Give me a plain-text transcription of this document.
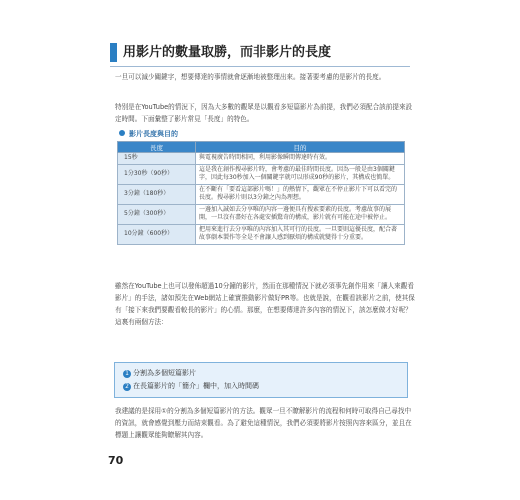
用影片的數量取勝，而非影片的長度
一旦可以減少關鍵字，想要傳達的事情就會逐漸地被整理出來。接著要考慮的是影片的長度。
特別是在YouTube的情況下，因為大多數的觀眾是以觀看多短篇影片為前提，我們必須配合該前提來設定時間。下面彙整了影片常見「長度」的特色。
影片長度與目的
長度	目的
15秒	與電視廣告時間相同，利用影像瞬間傳達時有效。
1分30秒（90秒）	這是我在創作搜尋影片時，會考慮的最佳時間長度。因為一般是由3個關鍵字，因此每30秒加入一個關鍵字就可以形成90秒的影片，其構成也簡單。
3分鐘（180秒）	在不斷有「要看這部影片嗎！」的熱情下，觀眾在不停止影片下可以看完的長度。搜尋影片則以3分鐘之內為理想。
5分鐘（300秒）	一邊加入誠如去分享唯的內容一邊便具有搜索要素的長度。考慮故事的展開，一旦沒有盡好在各處安插驚奇的構成，影片就有可能在途中被停止。
10分鐘（600秒）	把用來進行去分享唯的內容加入其可行的長度。一旦要則這優長度，配合著故事劇本製作等全是不會讓人感到厭煩的構成就變得十分重要。
雖然在YouTube上也可以發佈超過10分鐘的影片，然而在那種情況下就必須事先創作用來「讓人來觀看影片」的手法，諸如預先在Web網站上確實推動影片做好PR等。也就是說，在觀看該影片之前，使其保有「接下來我們要觀看較長的影片」的心情。那麼，在想要傳達許多內容的情況下，該怎麼做才好呢？這裏有兩個方法：
1 分割為多個短篇影片
2 在長篇影片的「簡介」欄中，加入時間碼
我建議的是採用①的分割為多個短篇影片的方法。觀眾一旦不瞭解影片的流程和何時可取得自己尋找中的資訊，就會感覺到壓力而結束觀看。為了避免這種情況，我們必須要將影片按照內容來區分，並且在標題上讓觀眾能夠瞭解其內容。
70
